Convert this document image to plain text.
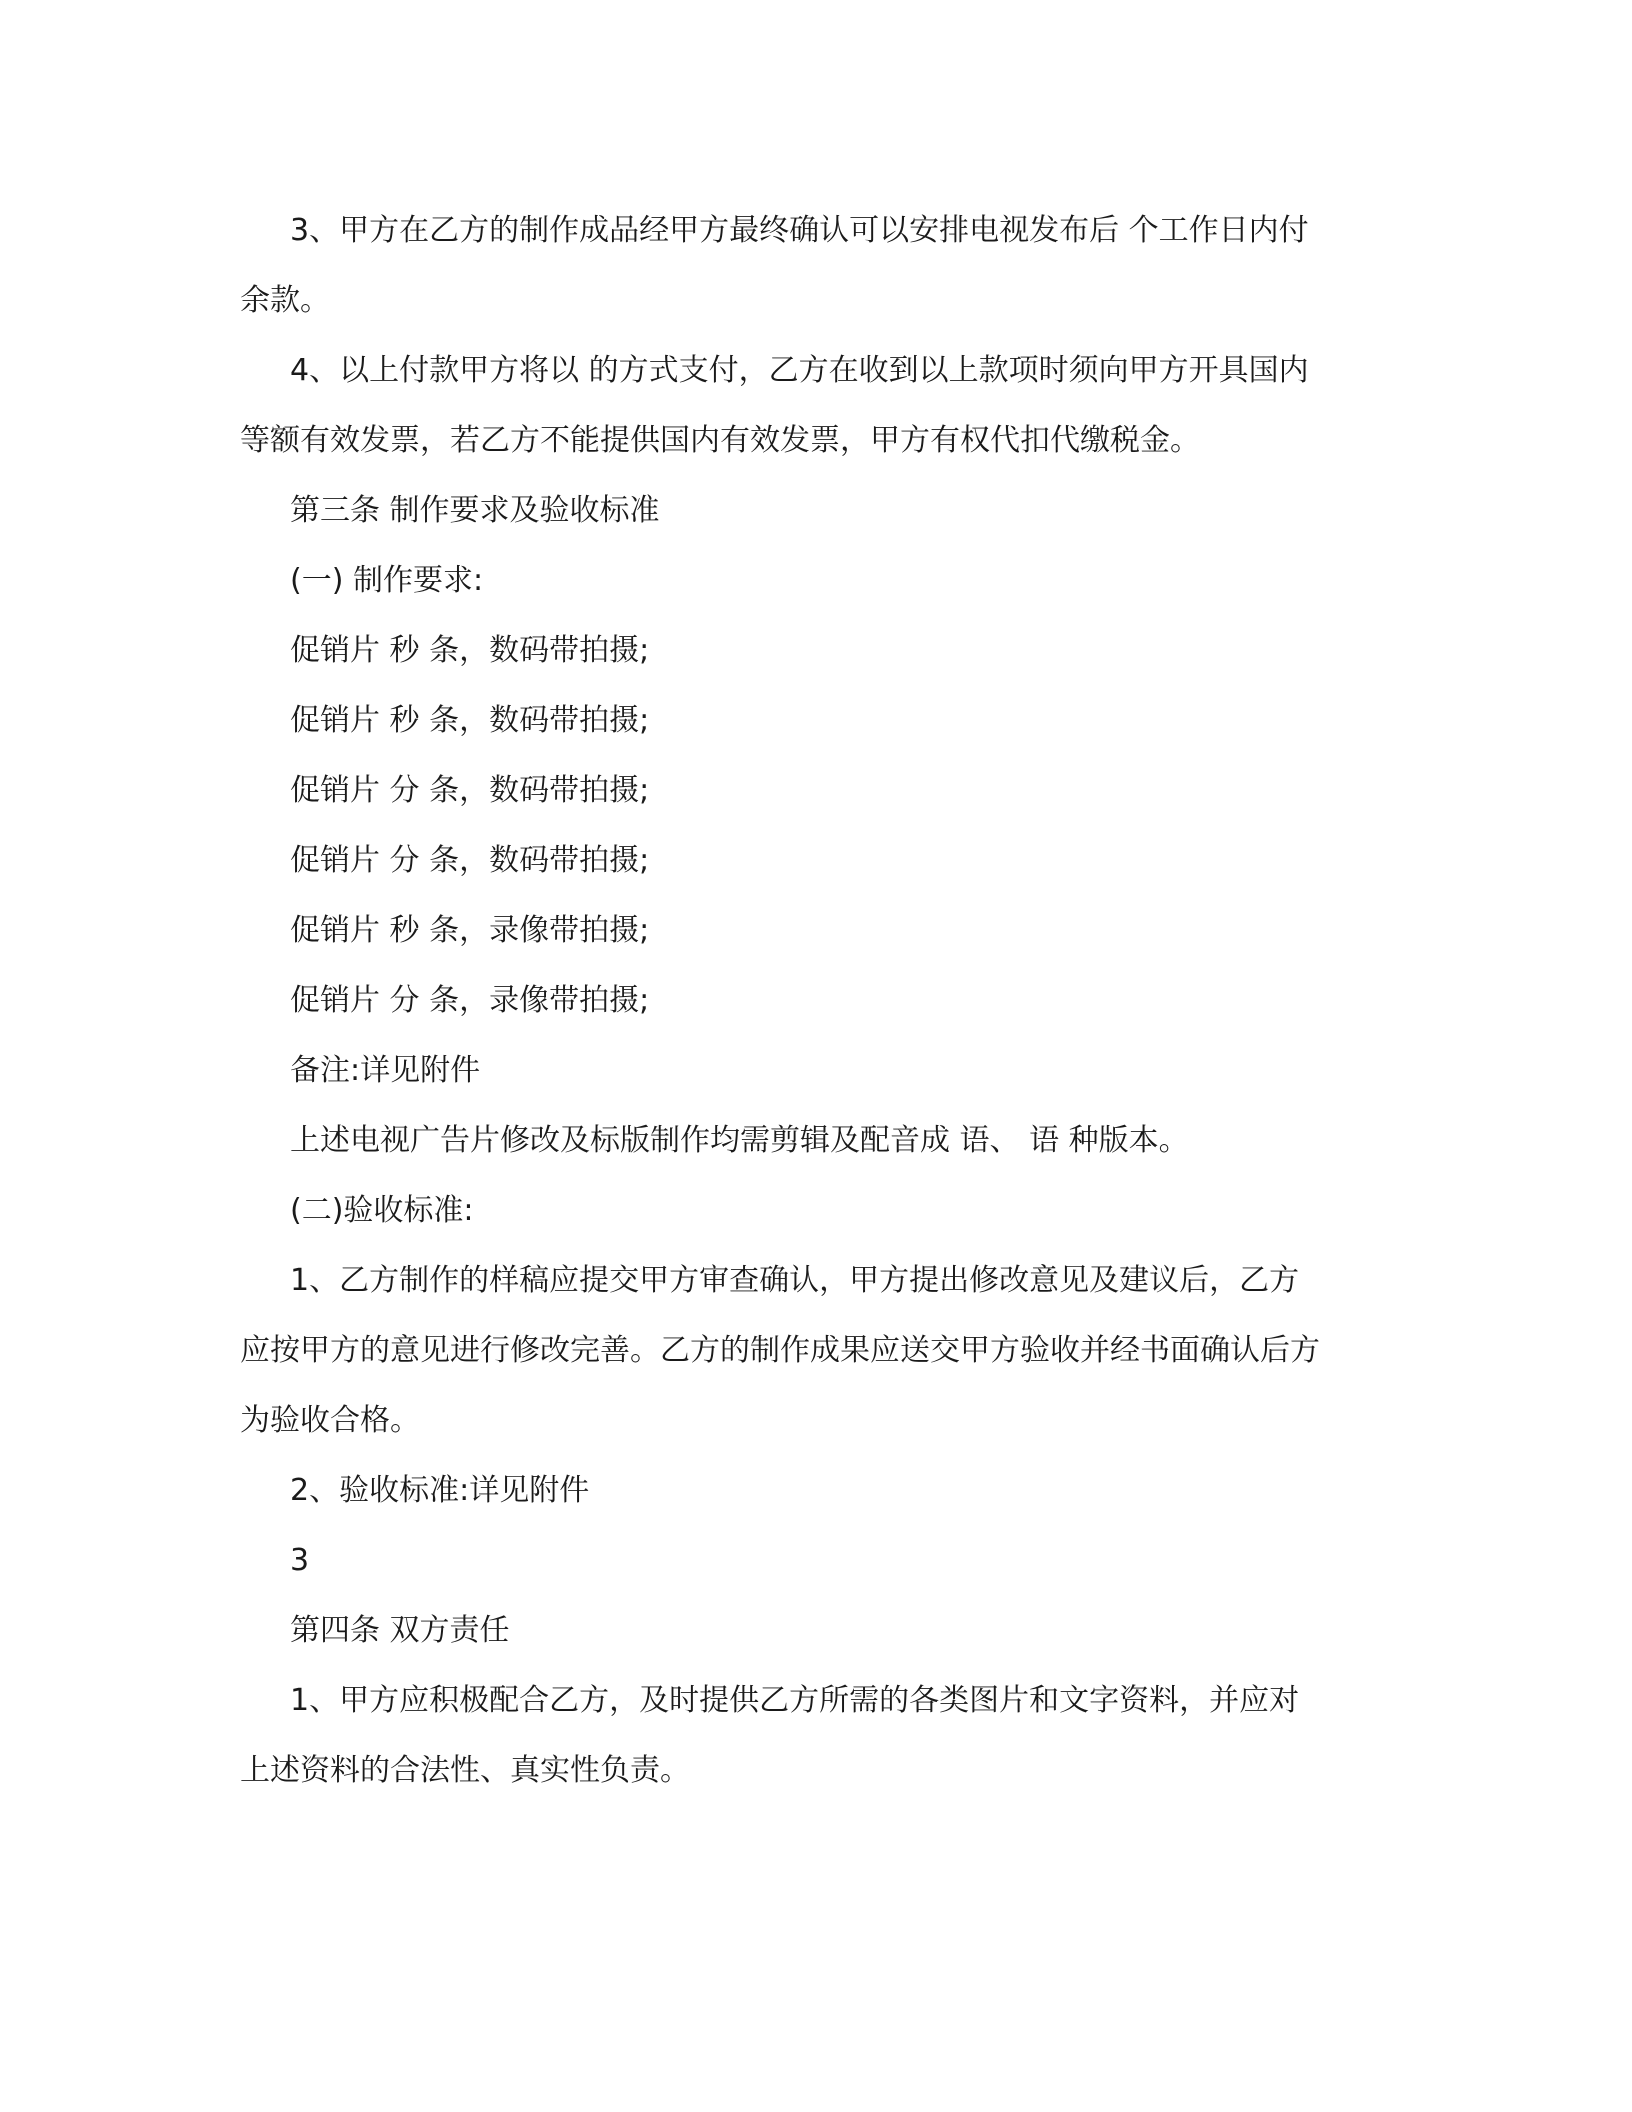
3、甲方在乙方的制作成品经甲方最终确认可以安排电视发布后 个工作日内付
余款。
4、以上付款甲方将以 的方式支付，乙方在收到以上款项时须向甲方开具国内
等额有效发票，若乙方不能提供国内有效发票，甲方有权代扣代缴税金。
第三条 制作要求及验收标准
(一) 制作要求:
促销片 秒 条，数码带拍摄;
促销片 秒 条，数码带拍摄;
促销片 分 条，数码带拍摄;
促销片 分 条，数码带拍摄;
促销片 秒 条，录像带拍摄;
促销片 分 条，录像带拍摄;
备注:详见附件
上述电视广告片修改及标版制作均需剪辑及配音成 语、 语 种版本。
(二)验收标准:
1、乙方制作的样稿应提交甲方审查确认，甲方提出修改意见及建议后，乙方
应按甲方的意见进行修改完善。乙方的制作成果应送交甲方验收并经书面确认后方
为验收合格。
2、验收标准:详见附件
3
第四条 双方责任
1、甲方应积极配合乙方，及时提供乙方所需的各类图片和文字资料，并应对
上述资料的合法性、真实性负责。
